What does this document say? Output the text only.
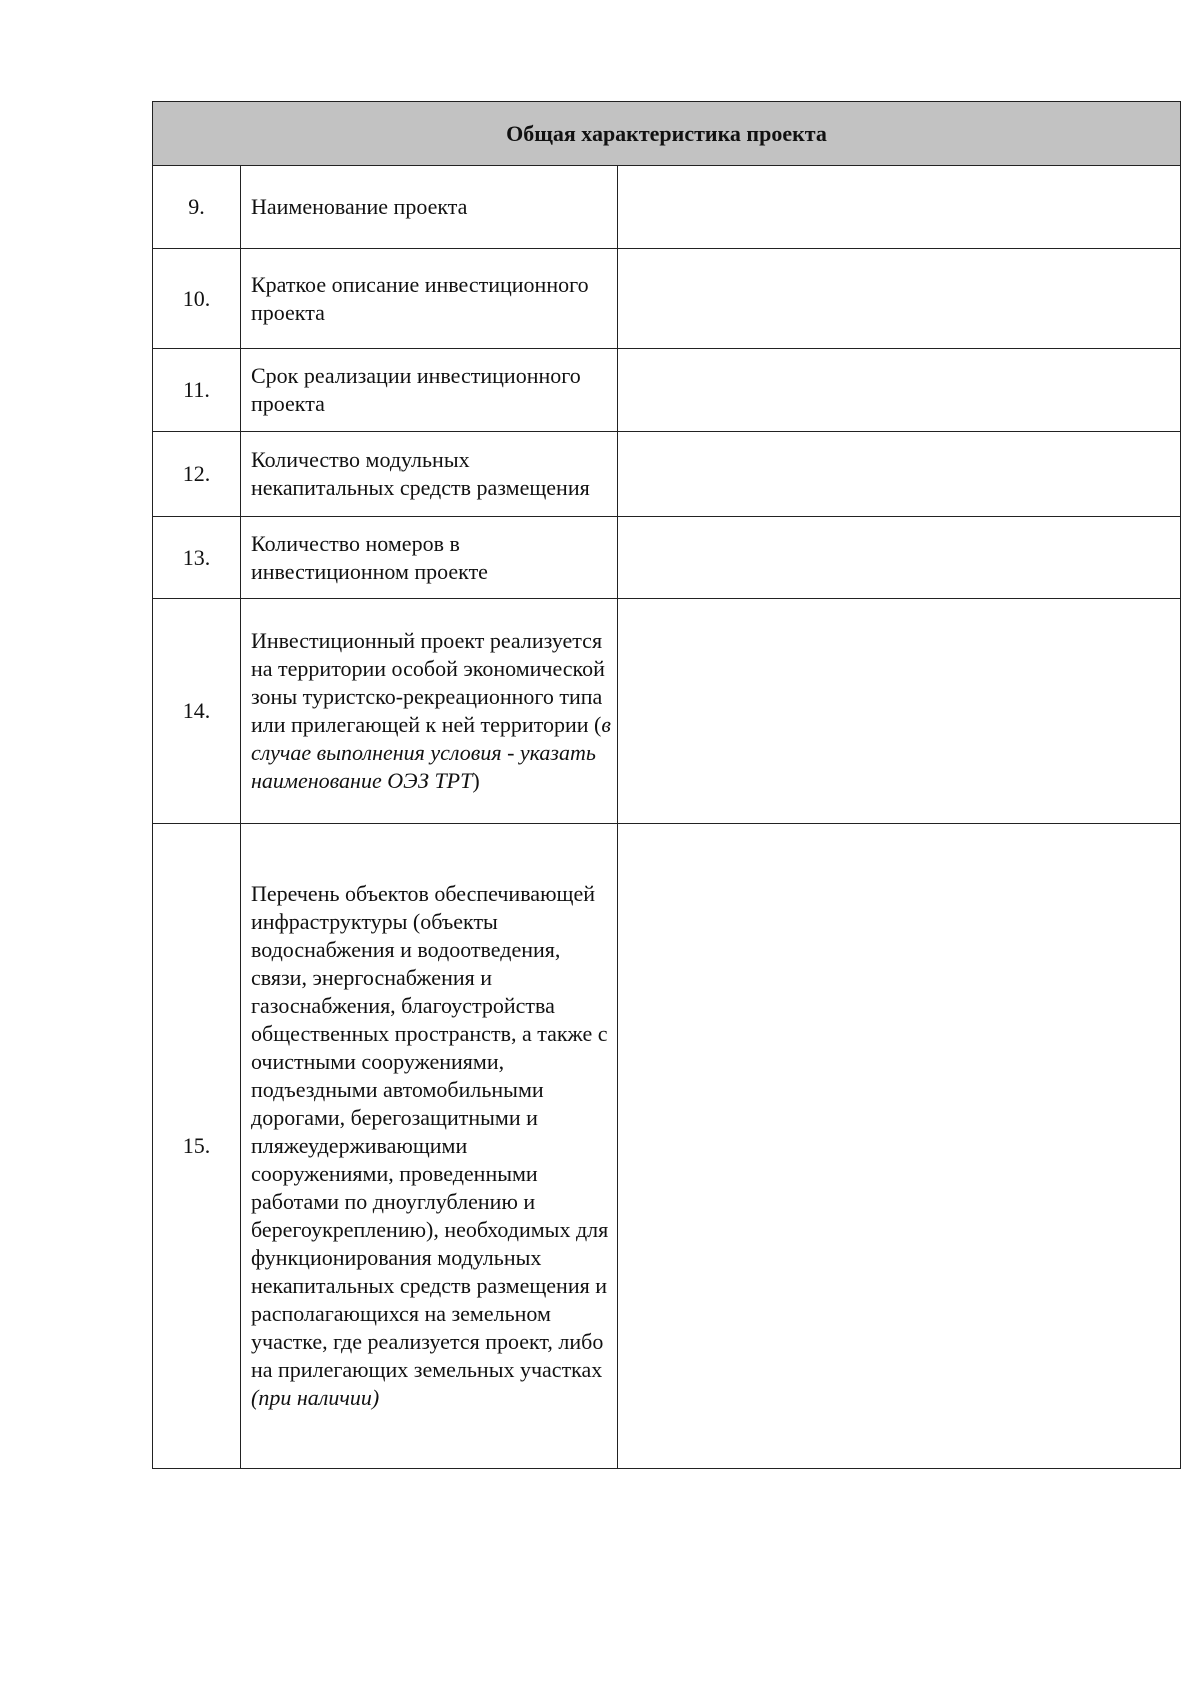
Общая характеристика проекта		
9.	Наименование проекта	
10.	Краткое описание инвестиционного проекта	
11.	Срок реализации инвестиционного проекта	
12.	Количество модульных некапитальных средств размещения	
13.	Количество номеров в инвестиционном проекте	
14.	Инвестиционный проект реализуется на территории особой экономической зоны туристско-рекреационного типа или прилегающей к ней территории (в случае выполнения условия - указать наименование ОЭЗ ТРТ)	
15.	Перечень объектов обеспечивающей инфраструктуры (объекты водоснабжения и водоотведения, связи, энергоснабжения и газоснабжения, благоустройства общественных пространств, а также с очистными сооружениями, подъездными автомобильными дорогами, берегозащитными и пляжеудерживающими сооружениями, проведенными работами по дноуглублению и берегоукреплению), необходимых для функционирования модульных некапитальных средств размещения и располагающихся на земельном участке, где реализуется проект, либо на прилегающих земельных участках (при наличии)	
